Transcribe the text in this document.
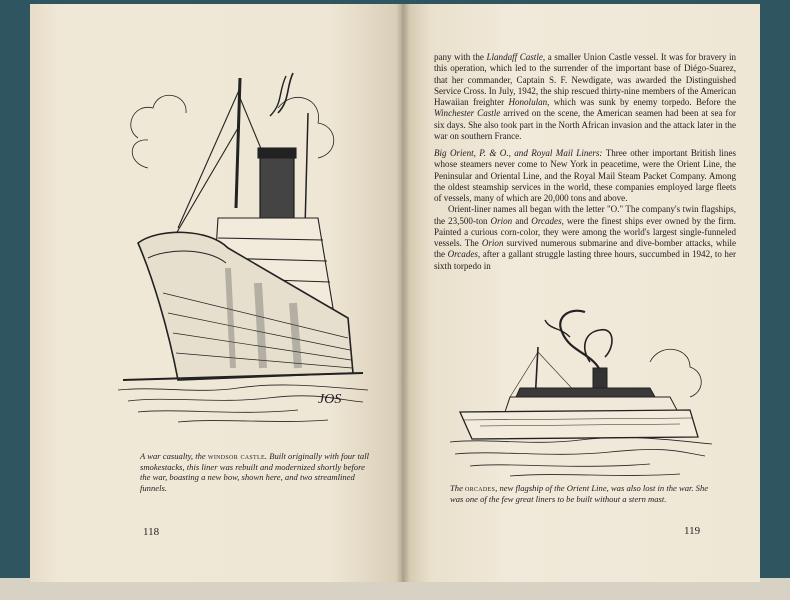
JOS
A war casualty, the windsor castle. Built originally with four tall smokestacks, this liner was rebuilt and modernized shortly before the war, boasting a new bow, shown here, and two streamlined funnels.
118

pany with the Llandaff Castle, a smaller Union Castle vessel. It was for bravery in this operation, which led to the surrender of the important base of Diégo-Suarez, that her commander, Captain S. F. Newdigate, was awarded the Distinguished Service Cross. In July, 1942, the ship rescued thirty-nine members of the American Hawaiian freighter Honolulan, which was sunk by enemy torpedo. Before the Winchester Castle arrived on the scene, the American seamen had been at sea for six days. She also took part in the North African invasion and the attack later in the war on southern France.

Big Orient, P. & O., and Royal Mail Liners: Three other important British lines whose steamers never come to New York in peacetime, were the Orient Line, the Peninsular and Oriental Line, and the Royal Mail Steam Packet Company. Among the oldest steamship services in the world, these companies employed large fleets of vessels, many of which are 20,000 tons and above.

Orient-liner names all began with the letter "O." The company's twin flagships, the 23,500-ton Orion and Orcades, were the finest ships ever owned by the firm. Painted a curious corn-color, they were among the world's largest single-funneled vessels. The Orion survived numerous submarine and dive-bomber attacks, while the Orcades, after a gallant struggle lasting three hours, succumbed in 1942, to her sixth torpedo in

The orcades, new flagship of the Orient Line, was also lost in the war. She was one of the few great liners to be built without a stern mast.
119
